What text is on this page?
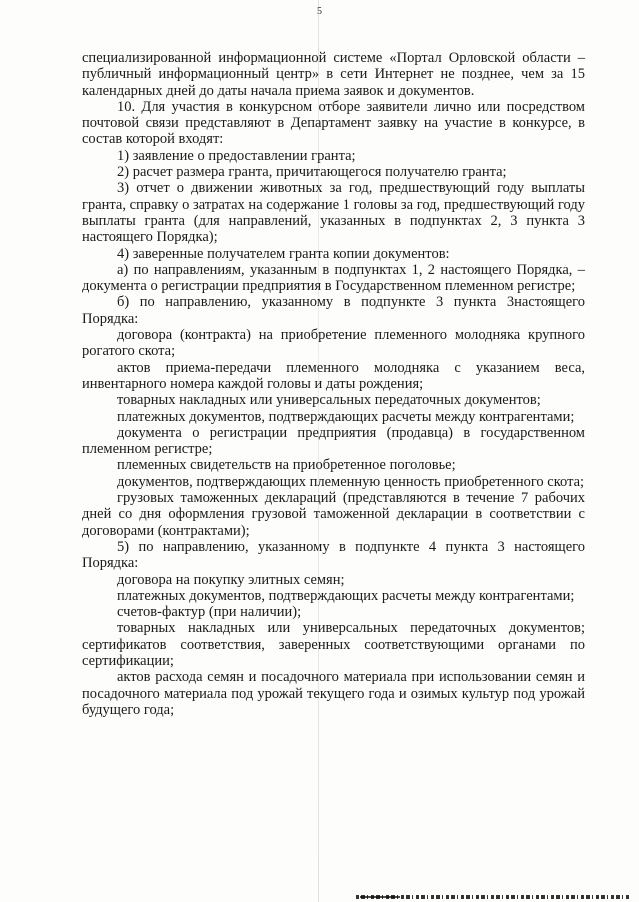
5

специализированной информационной системе «Портал Орловской области – публичный информационный центр» в сети Интернет не позднее, чем за 15 календарных дней до даты начала приема заявок и документов.

10. Для участия в конкурсном отборе заявители лично или посредством почтовой связи представляют в Департамент заявку на участие в конкурсе, в состав которой входят:

1) заявление о предоставлении гранта;

2) расчет размера гранта, причитающегося получателю гранта;

3) отчет о движении животных за год, предшествующий году выплаты гранта, справку о затратах на содержание 1 головы за год, предшествующий году выплаты гранта (для направлений, указанных в подпунктах 2, 3 пункта 3 настоящего Порядка);

4) заверенные получателем гранта копии документов:

а) по направлениям, указанным в подпунктах 1, 2 настоящего Порядка, – документа о регистрации предприятия в Государственном племенном регистре;

б) по направлению, указанному в подпункте 3 пункта 3настоящего Порядка:

договора (контракта) на приобретение племенного молодняка крупного рогатого скота;

актов приема-передачи племенного молодняка с указанием веса, инвентарного номера каждой головы и даты рождения;

товарных накладных или универсальных передаточных документов;

платежных документов, подтверждающих расчеты между контрагентами;

документа о регистрации предприятия (продавца) в государственном племенном регистре;

племенных свидетельств на приобретенное поголовье;

документов, подтверждающих племенную ценность приобретенного скота;

грузовых таможенных деклараций (представляются в течение 7 рабочих дней со дня оформления грузовой таможенной декларации в соответствии с договорами (контрактами);

5) по направлению, указанному в подпункте 4 пункта 3 настоящего Порядка:

договора на покупку элитных семян;

платежных документов, подтверждающих расчеты между контрагентами;

счетов-фактур (при наличии);

товарных накладных или универсальных передаточных документов; сертификатов соответствия, заверенных соответствующими органами по сертификации;

актов расхода семян и посадочного материала при использовании семян и посадочного материала под урожай текущего года и озимых культур под урожай будущего года;
